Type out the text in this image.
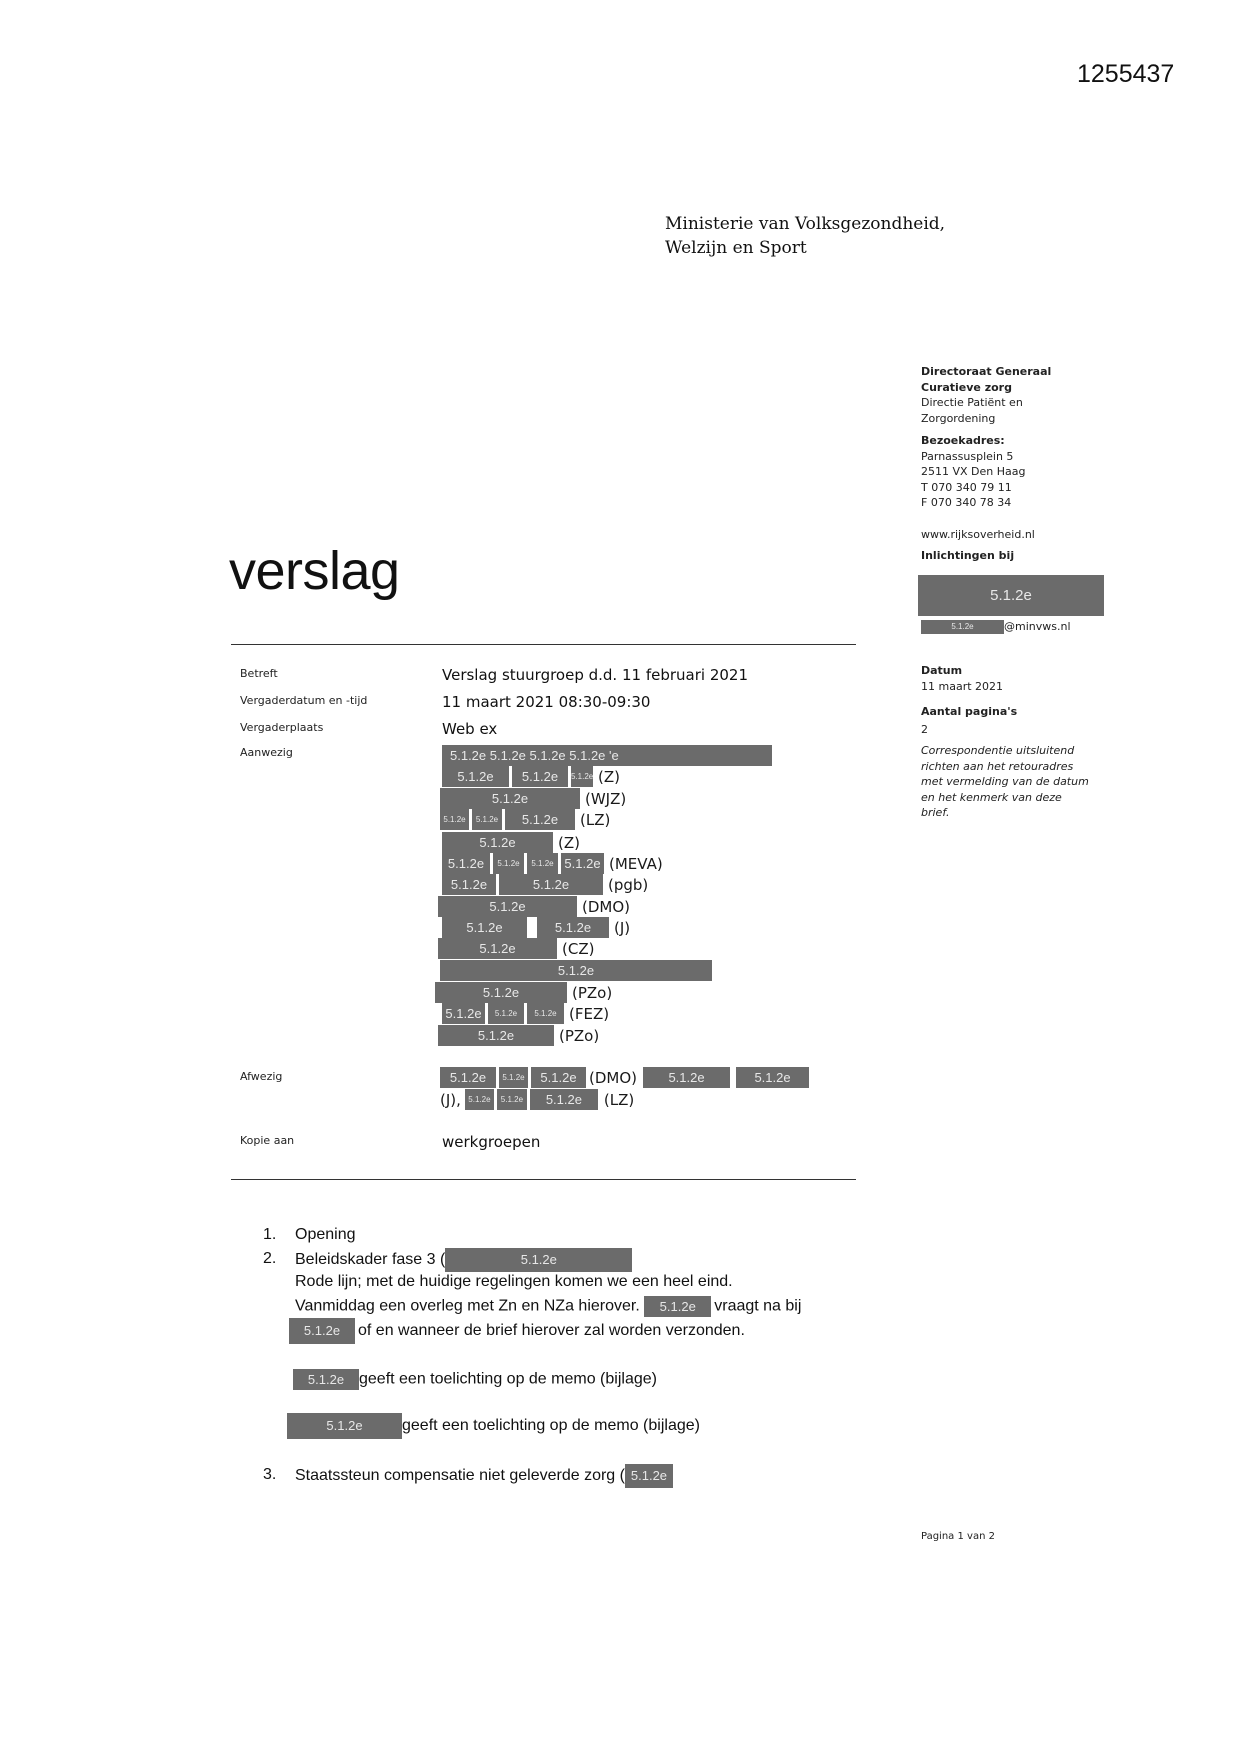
1255437
Ministerie van Volksgezondheid,
Welzijn en Sport
verslag
Betreft	Verslag stuurgroep d.d. 11 februari 2021
Vergaderdatum en -tijd	11 maart 2021 08:30-09:30
Vergaderplaats	Web ex
Aanwezig	5.1.2e 5.1.2e 5.1.2e 5.1.2e 'e
5.1.2e	5.1.2e	5.1.2e (Z)
5.1.2e	(WJZ)
5.1.2e	5.1.2e	5.1.2e	(LZ)
5.1.2e	(Z)
5.1.2e	5.1.2e	5.1.2e 5.1.2e (MEVA)
5.1.2e	5.1.2e	(pgb)
5.1.2e	(DMO)
5.1.2e	5.1.2e	(J)
5.1.2e	(CZ)
5.1.2e
5.1.2e	(PZo)
5.1.2e	5.1.2e	5.1.2e (FEZ)
5.1.2e	(PZo)
Afwezig	5.1.2e	5.1.2e	5.1.2e (DMO)	5.1.2e	5.1.2e
(J), 5.1.2e	5.1.2e	5.1.2e	(LZ)
Kopie aan	werkgroepen
1. Opening
2. Beleidskader fase 3 (	5.1.2e
Rode lijn; met de huidige regelingen komen we een heel eind.
Vanmiddag een overleg met Zn en NZa hierover. 5.1.2e vraagt na bij
5.1.2e of en wanneer de brief hierover zal worden verzonden.
5.1.2e geeft een toelichting op de memo (bijlage)
5.1.2e geeft een toelichting op de memo (bijlage)
3. Staatssteun compensatie niet geleverde zorg ( 5.1.2e
Directoraat Generaal
Curatieve zorg
Directie Patiënt en
Zorgordening
Bezoekadres:
Parnassusplein 5
2511 VX Den Haag
T 070 340 79 11
F 070 340 78 34
www.rijksoverheid.nl
Inlichtingen bij
5.1.2e
5.1.2e	@minvws.nl
Datum
11 maart 2021
Aantal pagina's
2
Correspondentie uitsluitend
richten aan het retouradres
met vermelding van de datum
en het kenmerk van deze
brief.
Pagina 1 van 2
